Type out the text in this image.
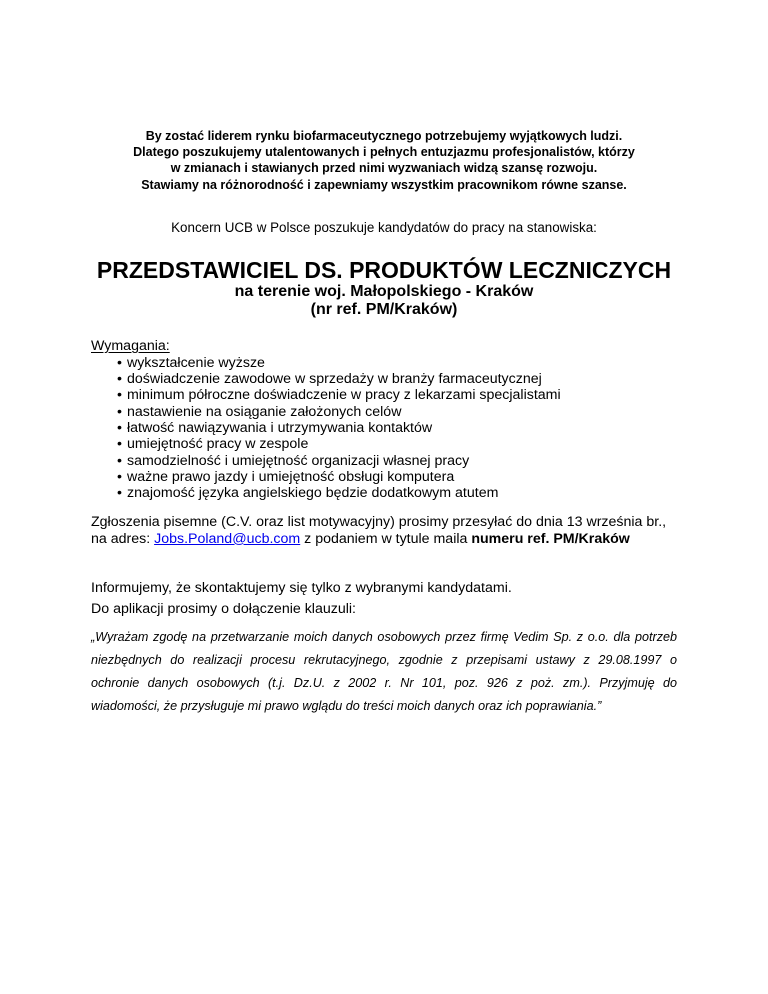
By zostać liderem rynku biofarmaceutycznego potrzebujemy wyjątkowych ludzi.
Dlatego poszukujemy utalentowanych i pełnych entuzjazmu profesjonalistów, którzy
w zmianach i stawianych przed nimi wyzwaniach widzą szansę rozwoju.
Stawiamy na różnorodność i zapewniamy wszystkim pracownikom równe szanse.
Koncern UCB w Polsce poszukuje kandydatów do pracy na stanowiska:
PRZEDSTAWICIEL DS. PRODUKTÓW LECZNICZYCH
na terenie woj. Małopolskiego - Kraków
(nr ref. PM/Kraków)
Wymagania:
• wykształcenie wyższe
• doświadczenie zawodowe w sprzedaży w branży farmaceutycznej
• minimum półroczne doświadczenie w pracy z lekarzami specjalistami
• nastawienie na osiąganie założonych celów
• łatwość nawiązywania i utrzymywania kontaktów
• umiejętność pracy w zespole
• samodzielność i umiejętność organizacji własnej pracy
• ważne prawo jazdy i umiejętność obsługi komputera
• znajomość języka angielskiego będzie dodatkowym atutem
Zgłoszenia pisemne (C.V. oraz list motywacyjny) prosimy przesyłać do dnia 13 września br.,
na adres: Jobs.Poland@ucb.com z podaniem w tytule maila numeru ref. PM/Kraków
Informujemy, że skontaktujemy się tylko z wybranymi kandydatami.
Do aplikacji prosimy o dołączenie klauzuli:
„Wyrażam zgodę na przetwarzanie moich danych osobowych przez firmę Vedim Sp. z o.o. dla potrzeb
niezbędnych do realizacji procesu rekrutacyjnego, zgodnie z przepisami ustawy z 29.08.1997 o
ochronie danych osobowych (t.j. Dz.U. z 2002 r. Nr 101, poz. 926 z poż. zm.). Przyjmuję do
wiadomości, że przysługuje mi prawo wglądu do treści moich danych oraz ich poprawiania.”
